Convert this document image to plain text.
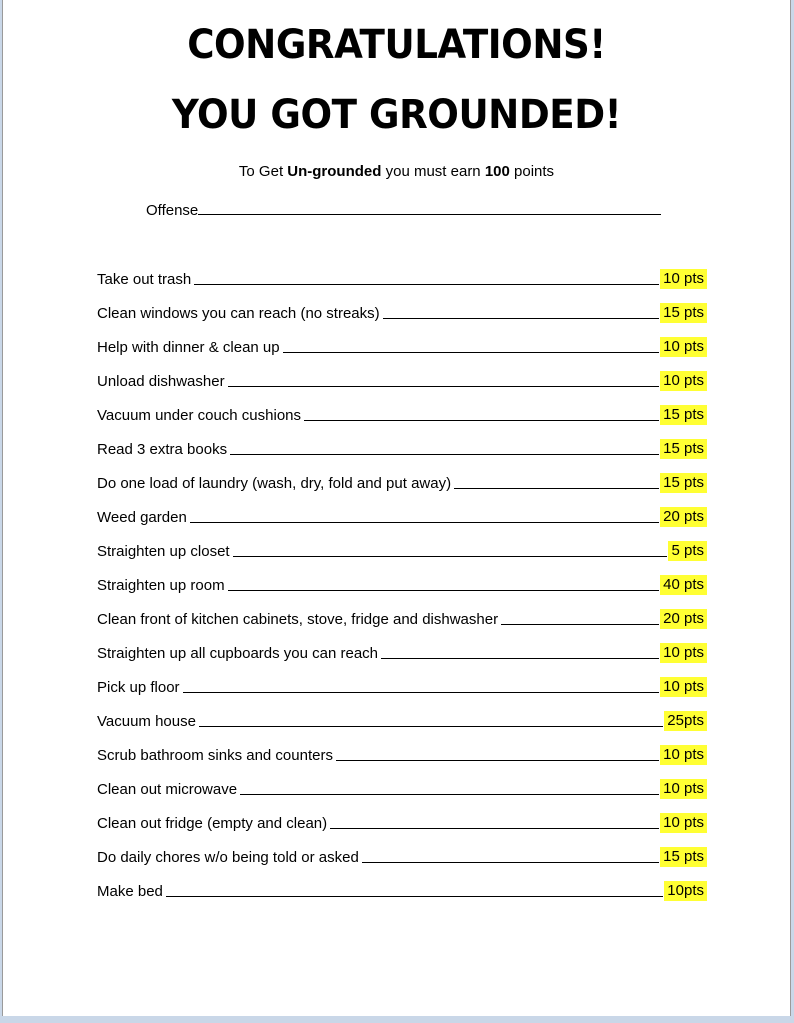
CONGRATULATIONS!
YOU GOT GROUNDED!
To Get Un-grounded you must earn 100 points
Offense
Take out trash	10 pts
Clean windows you can reach (no streaks)	15 pts
Help with dinner & clean up	10 pts
Unload dishwasher	10 pts
Vacuum under couch cushions	15 pts
Read 3 extra books	15 pts
Do one load of laundry (wash, dry, fold and put away)	15 pts
Weed garden	20 pts
Straighten up closet	5 pts
Straighten up room	40 pts
Clean front of kitchen cabinets, stove, fridge and dishwasher	20 pts
Straighten up all cupboards you can reach	10 pts
Pick up floor	10 pts
Vacuum house	25pts
Scrub bathroom sinks and counters	10 pts
Clean out microwave	10 pts
Clean out fridge (empty and clean)	10 pts
Do daily chores w/o being told or asked	15 pts
Make bed	10pts
